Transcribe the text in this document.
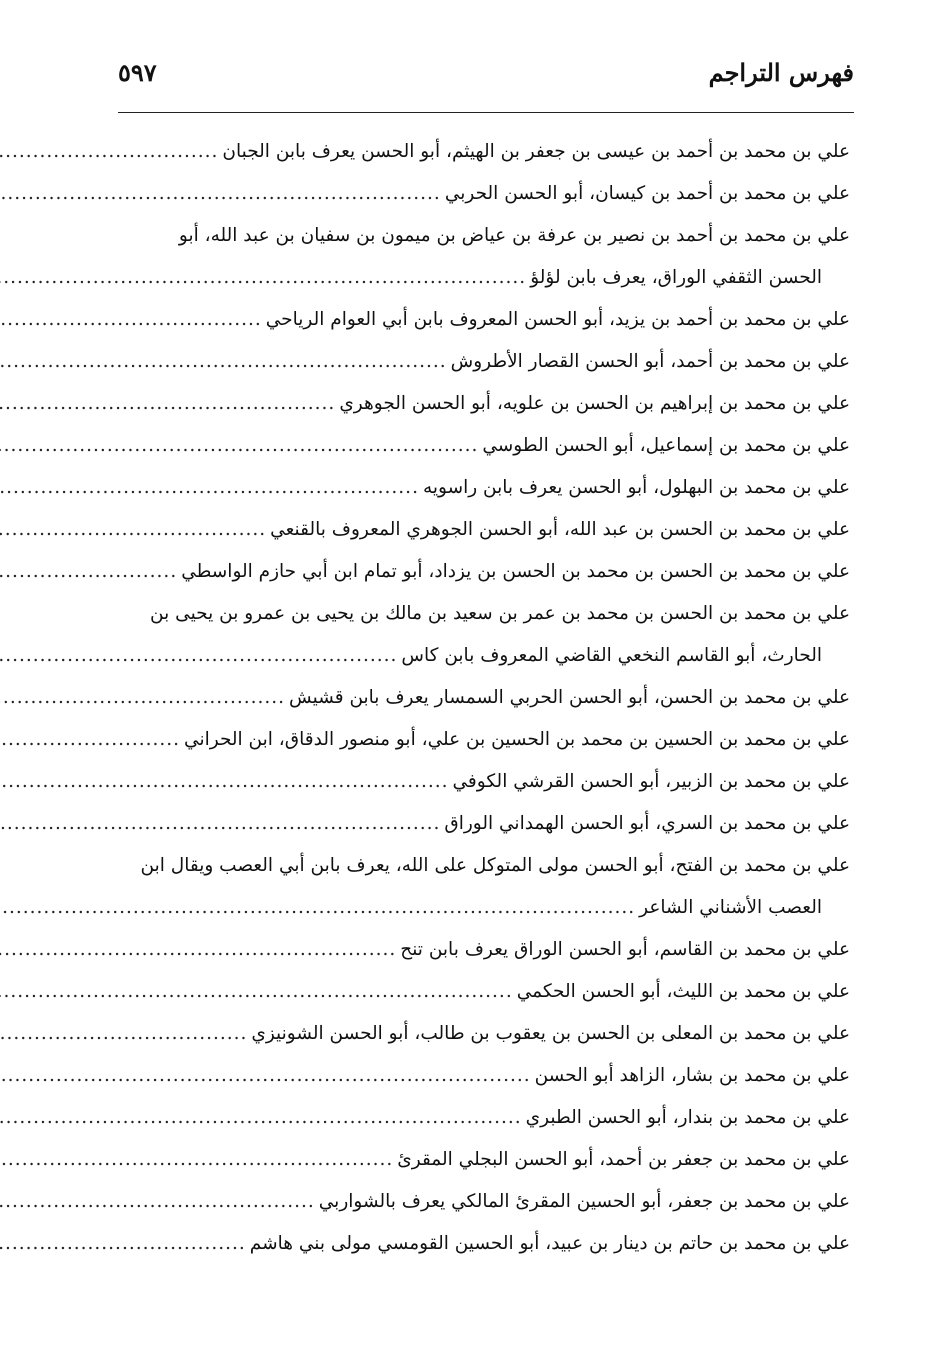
فهرس التراجم
٥٩٧
علي بن محمد بن أحمد بن عيسى بن جعفر بن الهيثم، أبو الحسن يعرف بابن الجبان
.....
علي بن محمد بن أحمد بن كيسان، أبو الحسن الحربي
.....
علي بن محمد بن أحمد بن نصير بن عرفة بن عياض بن ميمون بن سفيان بن عبد الله، أبو
الحسن الثقفي الوراق، يعرف بابن لؤلؤ
.....
علي بن محمد بن أحمد بن يزيد، أبو الحسن المعروف بابن أبي العوام الرياحي
.....
علي بن محمد بن أحمد، أبو الحسن القصار الأطروش
.....
علي بن محمد بن إبراهيم بن الحسن بن علويه، أبو الحسن الجوهري
.....
علي بن محمد بن إسماعيل، أبو الحسن الطوسي
.....
علي بن محمد بن البهلول، أبو الحسن يعرف بابن راسويه
.....
علي بن محمد بن الحسن بن عبد الله، أبو الحسن الجوهري المعروف بالقنعي
.....
علي بن محمد بن الحسن بن محمد بن الحسن بن يزداد، أبو تمام ابن أبي حازم الواسطي
.....
علي بن محمد بن الحسن بن محمد بن عمر بن سعيد بن مالك بن يحيى بن عمرو بن يحيى بن
الحارث، أبو القاسم النخعي القاضي المعروف بابن كاس
.....
علي بن محمد بن الحسن، أبو الحسن الحربي السمسار يعرف بابن قشيش
.....
علي بن محمد بن الحسين بن محمد بن الحسين بن علي، أبو منصور الدقاق، ابن الحراني
.....
علي بن محمد بن الزبير، أبو الحسن القرشي الكوفي
.....
علي بن محمد بن السري، أبو الحسن الهمداني الوراق
.....
علي بن محمد بن الفتح، أبو الحسن مولى المتوكل على الله، يعرف بابن أبي العصب ويقال ابن
العصب الأشناني الشاعر
.....
علي بن محمد بن القاسم، أبو الحسن الوراق يعرف بابن تنح
.....
علي بن محمد بن الليث، أبو الحسن الحكمي
.....
علي بن محمد بن المعلى بن الحسن بن يعقوب بن طالب، أبو الحسن الشونيزي
.....
علي بن محمد بن بشار، الزاهد أبو الحسن
.....
علي بن محمد بن بندار، أبو الحسن الطبري
.....
علي بن محمد بن جعفر بن أحمد، أبو الحسن البجلي المقرئ
.....
علي بن محمد بن جعفر، أبو الحسين المقرئ المالكي يعرف بالشواربي
.....
علي بن محمد بن حاتم بن دينار بن عبيد، أبو الحسين القومسي مولى بني هاشم
.....
